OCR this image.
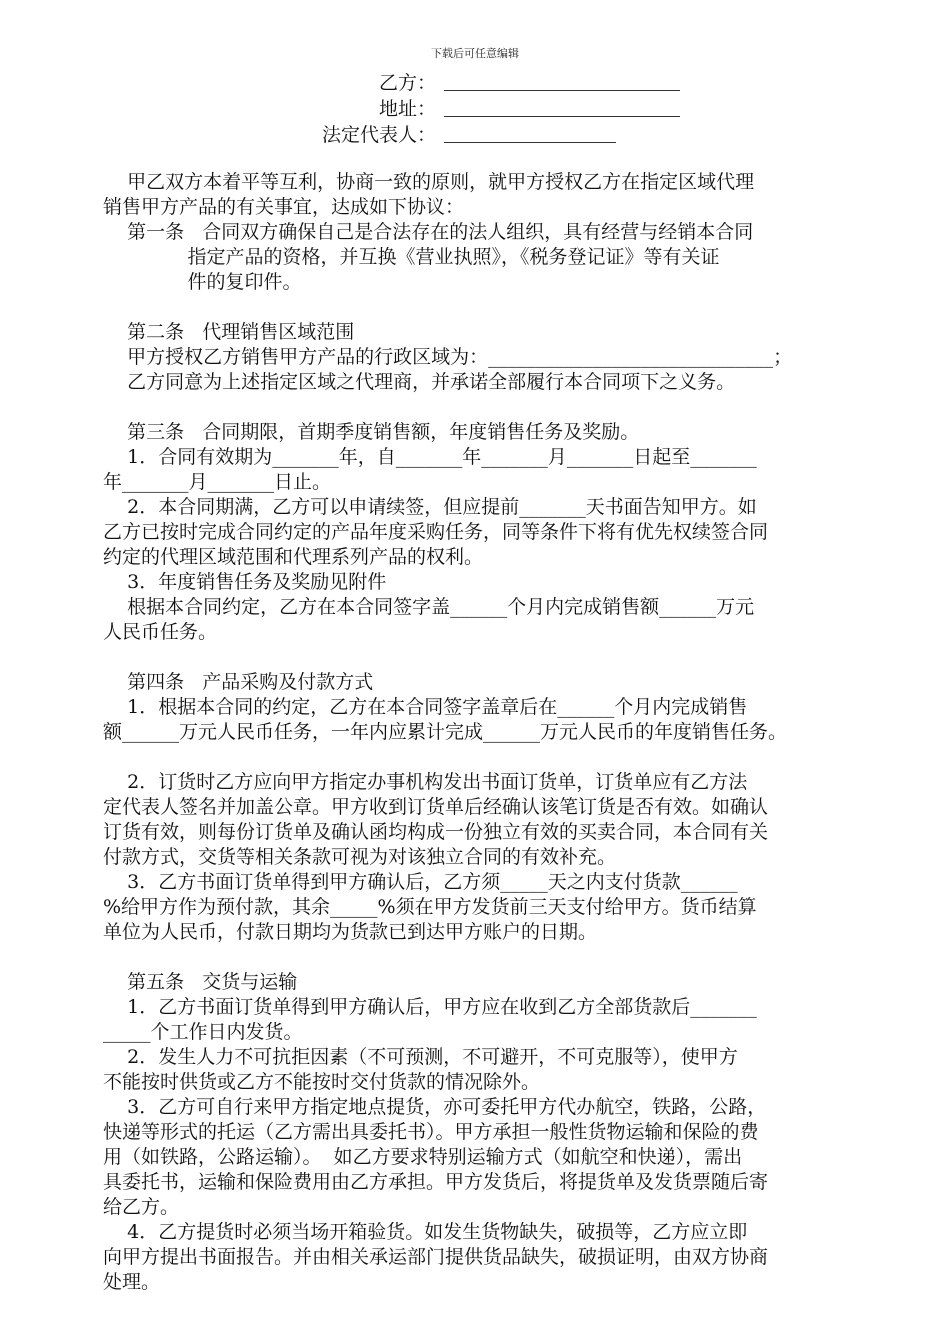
下载后可任意编辑
乙方：
地址：
法定代表人：
甲乙双方本着平等互利，协商一致的原则，就甲方授权乙方在指定区域代理
销售甲方产品的有关事宜，达成如下协议：
第一条   合同双方确保自己是合法存在的法人组织，具有经营与经销本合同
指定产品的资格，并互换《营业执照》，《税务登记证》等有关证
件的复印件。
第二条   代理销售区域范围
甲方授权乙方销售甲方产品的行政区域为：______________________________；
乙方同意为上述指定区域之代理商，并承诺全部履行本合同项下之义务。
第三条   合同期限，首期季度销售额，年度销售任务及奖励。
1．合同有效期为_______年，自_______年_______月_______日起至_______
年_______月_______日止。
2．本合同期满，乙方可以申请续签，但应提前_______天书面告知甲方。如
乙方已按时完成合同约定的产品年度采购任务，同等条件下将有优先权续签合同
约定的代理区域范围和代理系列产品的权利。
3．年度销售任务及奖励见附件
根据本合同约定，乙方在本合同签字盖______个月内完成销售额______万元
人民币任务。
第四条   产品采购及付款方式
1．根据本合同的约定，乙方在本合同签字盖章后在______个月内完成销售
额______万元人民币任务，一年内应累计完成______万元人民币的年度销售任务。
2．订货时乙方应向甲方指定办事机构发出书面订货单，订货单应有乙方法
定代表人签名并加盖公章。甲方收到订货单后经确认该笔订货是否有效。如确认
订货有效，则每份订货单及确认函均构成一份独立有效的买卖合同，本合同有关
付款方式，交货等相关条款可视为对该独立合同的有效补充。
3．乙方书面订货单得到甲方确认后，乙方须_____天之内支付货款______
%给甲方作为预付款，其余_____%须在甲方发货前三天支付给甲方。货币结算
单位为人民币，付款日期均为货款已到达甲方账户的日期。
第五条   交货与运输
1．乙方书面订货单得到甲方确认后，甲方应在收到乙方全部货款后_______
_____个工作日内发货。
2．发生人力不可抗拒因素（不可预测，不可避开，不可克服等），使甲方
不能按时供货或乙方不能按时交付货款的情况除外。
3．乙方可自行来甲方指定地点提货，亦可委托甲方代办航空，铁路，公路，
快递等形式的托运（乙方需出具委托书）。甲方承担一般性货物运输和保险的费
用（如铁路，公路运输）。  如乙方要求特别运输方式（如航空和快递），需出
具委托书，运输和保险费用由乙方承担。甲方发货后，将提货单及发货票随后寄
给乙方。
4．乙方提货时必须当场开箱验货。如发生货物缺失，破损等，乙方应立即
向甲方提出书面报告。并由相关承运部门提供货品缺失，破损证明，由双方协商
处理。
